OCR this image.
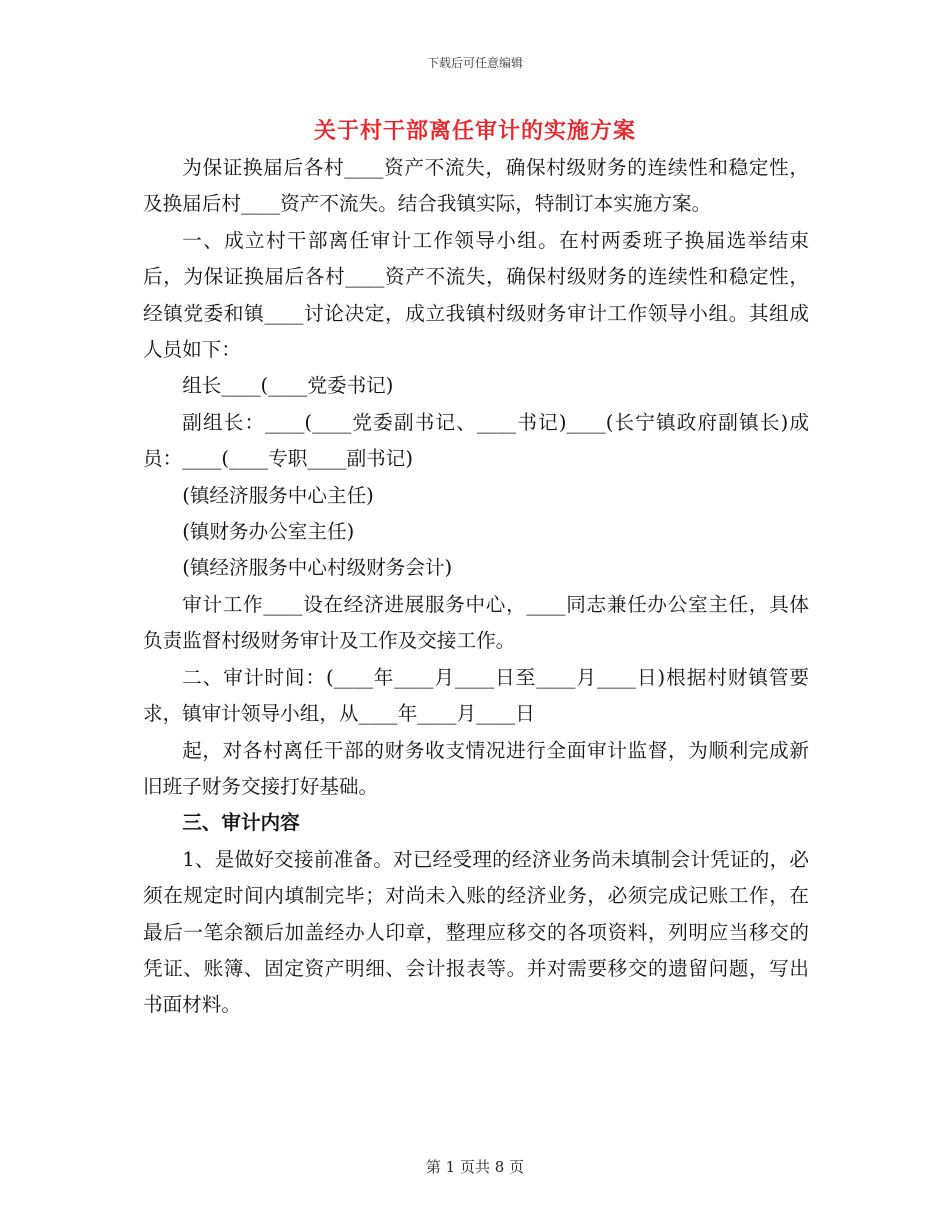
下载后可任意编辑
关于村干部离任审计的实施方案

为保证换届后各村____资产不流失，确保村级财务的连续性和稳定性，及换届后村____资产不流失。结合我镇实际，特制订本实施方案。

一、成立村干部离任审计工作领导小组。在村两委班子换届选举结束后，为保证换届后各村____资产不流失，确保村级财务的连续性和稳定性，经镇党委和镇____讨论决定，成立我镇村级财务审计工作领导小组。其组成人员如下：

组长____(____党委书记)

副组长：____(____党委副书记、____书记)____(长宁镇政府副镇长)成员：____(____专职____副书记)

(镇经济服务中心主任)

(镇财务办公室主任)

(镇经济服务中心村级财务会计)

审计工作____设在经济进展服务中心，____同志兼任办公室主任，具体负责监督村级财务审计及工作及交接工作。

二、审计时间：(____年____月____日至____月____日)根据村财镇管要求，镇审计领导小组，从____年____月____日

起，对各村离任干部的财务收支情况进行全面审计监督，为顺利完成新旧班子财务交接打好基础。

三、审计内容

1、是做好交接前准备。对已经受理的经济业务尚未填制会计凭证的，必须在规定时间内填制完毕；对尚未入账的经济业务，必须完成记账工作，在最后一笔余额后加盖经办人印章，整理应移交的各项资料，列明应当移交的凭证、账簿、固定资产明细、会计报表等。并对需要移交的遗留问题，写出书面材料。

第 1 页共 8 页
